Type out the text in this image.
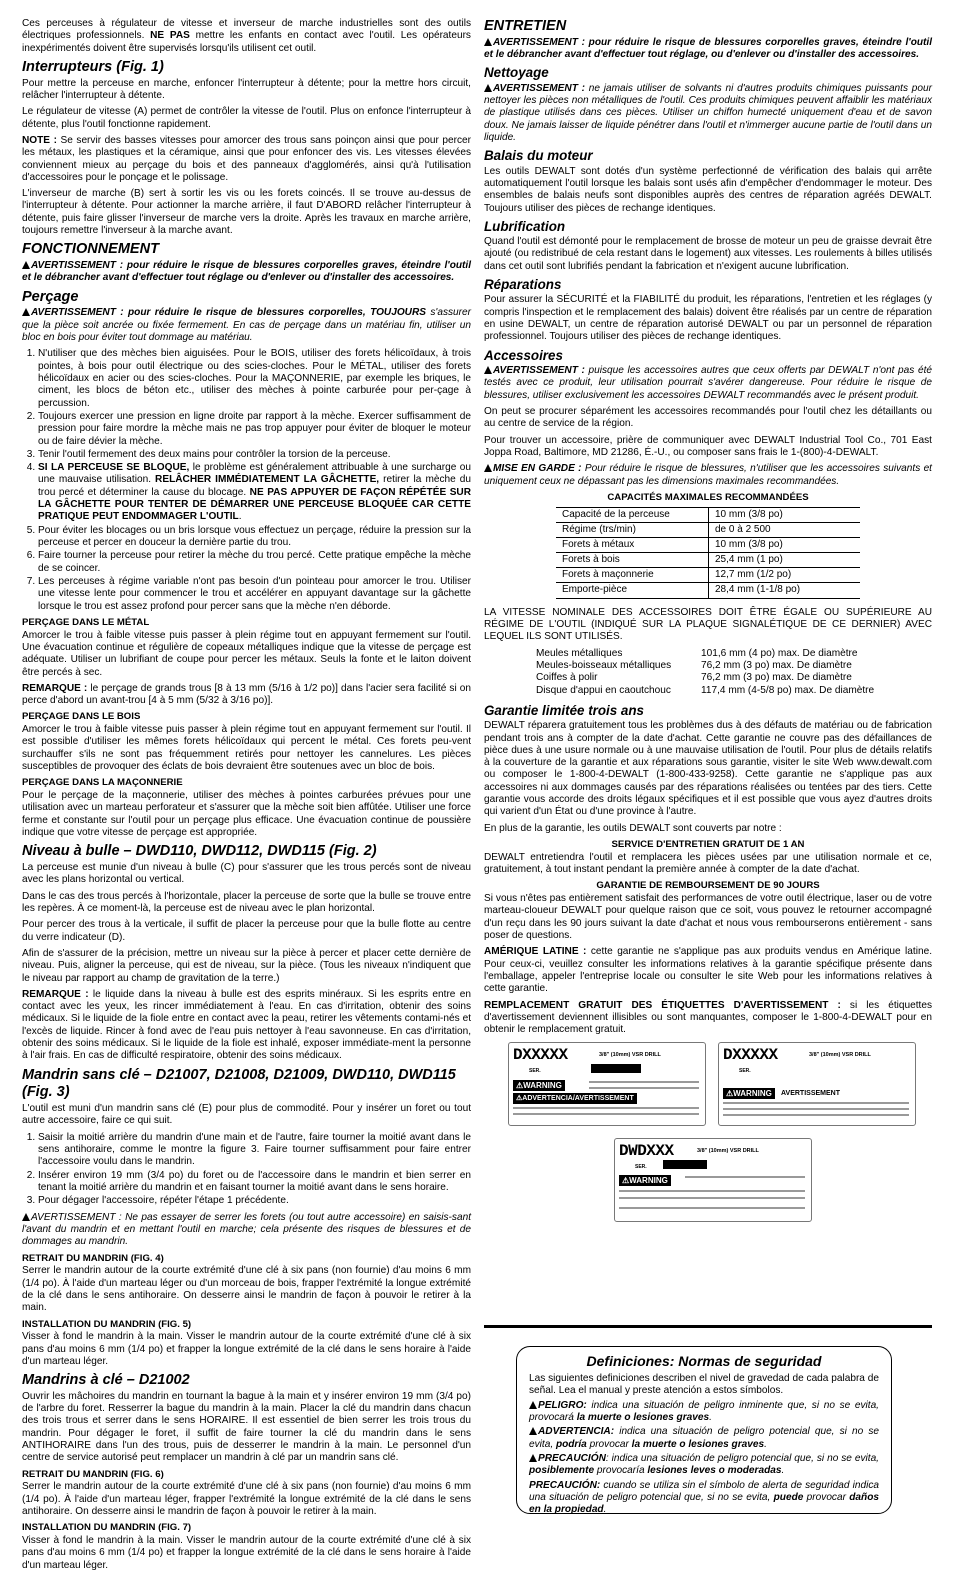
Ces perceuses à régulateur de vitesse et inverseur de marche industrielles sont des outils électriques professionnels. NE PAS mettre les enfants en contact avec l'outil. Les opérateurs inexpérimentés doivent être supervisés lorsqu'ils utilisent cet outil.

Interrupteurs (Fig. 1)

Pour mettre la perceuse en marche, enfoncer l'interrupteur à détente; pour la mettre hors circuit, relâcher l'interrupteur à détente.

Le régulateur de vitesse (A) permet de contrôler la vitesse de l'outil. Plus on enfonce l'interrupteur à détente, plus l'outil fonctionne rapidement.

NOTE : Se servir des basses vitesses pour amorcer des trous sans poinçon ainsi que pour percer les métaux, les plastiques et la céramique, ainsi que pour enfoncer des vis. Les vitesses élevées conviennent mieux au perçage du bois et des panneaux d'agglomérés, ainsi qu'à l'utilisation d'accessoires pour le ponçage et le polissage.

L'inverseur de marche (B) sert à sortir les vis ou les forets coincés. Il se trouve au-dessus de l'interrupteur à détente. Pour actionner la marche arrière, il faut D'ABORD relâcher l'interrupteur à détente, puis faire glisser l'inverseur de marche vers la droite. Après les travaux en marche arrière, toujours remettre l'inverseur à la marche avant.

FONCTIONNEMENT

AVERTISSEMENT : pour réduire le risque de blessures corporelles graves, éteindre l'outil et le débrancher avant d'effectuer tout réglage ou d'enlever ou d'installer des accessoires.

Perçage

AVERTISSEMENT : pour réduire le risque de blessures corporelles, TOUJOURS s'assurer que la pièce soit ancrée ou fixée fermement. En cas de perçage dans un matériau fin, utiliser un bloc en bois pour éviter tout dommage au matériau.

1. N'utiliser que des mèches bien aiguisées. Pour le BOIS, utiliser des forets hélicoïdaux, à trois pointes, à bois pour outil électrique ou des scies-cloches. Pour le MÉTAL, utiliser des forets hélicoïdaux en acier ou des scies-cloches. Pour la MAÇONNERIE, par exemple les briques, le ciment, les blocs de béton etc., utiliser des mèches à pointe carburée pour per-çage à percussion.
2. Toujours exercer une pression en ligne droite par rapport à la mèche. Exercer suffisamment de pression pour faire mordre la mèche mais ne pas trop appuyer pour éviter de bloquer le moteur ou de faire dévier la mèche.
3. Tenir l'outil fermement des deux mains pour contrôler la torsion de la perceuse.
4. SI LA PERCEUSE SE BLOQUE, le problème est généralement attribuable à une surcharge ou une mauvaise utilisation. RELÂCHER IMMÉDIATEMENT LA GÂCHETTE, retirer la mèche du trou percé et déterminer la cause du blocage. NE PAS APPUYER DE FAÇON RÉPÉTÉE SUR LA GÂCHETTE POUR TENTER DE DÉMARRER UNE PERCEUSE BLOQUÉE CAR CETTE PRATIQUE PEUT ENDOMMAGER L'OUTIL.
5. Pour éviter les blocages ou un bris lorsque vous effectuez un perçage, réduire la pression sur la perceuse et percer en douceur la dernière partie du trou.
6. Faire tourner la perceuse pour retirer la mèche du trou percé. Cette pratique empêche la mèche de se coincer.
7. Les perceuses à régime variable n'ont pas besoin d'un pointeau pour amorcer le trou. Utiliser une vitesse lente pour commencer le trou et accélérer en appuyant davantage sur la gâchette lorsque le trou est assez profond pour percer sans que la mèche n'en déborde.
PERÇAGE DANS LE MÉTAL

Amorcer le trou à faible vitesse puis passer à plein régime tout en appuyant fermement sur l'outil. Une évacuation continue et régulière de copeaux métalliques indique que la vitesse de perçage est adéquate. Utiliser un lubrifiant de coupe pour percer les métaux. Seuls la fonte et le laiton doivent être percés à sec.

REMARQUE : le perçage de grands trous [8 à 13 mm (5/16 à 1/2 po)] dans l'acier sera facilité si on perce d'abord un avant-trou [4 à 5 mm (5/32 à 3/16 po)].

PERÇAGE DANS LE BOIS

Amorcer le trou à faible vitesse puis passer à plein régime tout en appuyant fermement sur l'outil. Il est possible d'utiliser les mêmes forets hélicoïdaux qui percent le métal. Ces forets peu-vent surchauffer s'ils ne sont pas fréquemment retirés pour nettoyer les cannelures. Les pièces susceptibles de provoquer des éclats de bois devraient être soutenues avec un bloc de bois.

PERÇAGE DANS LA MAÇONNERIE

Pour le perçage de la maçonnerie, utiliser des mèches à pointes carburées prévues pour une utilisation avec un marteau perforateur et s'assurer que la mèche soit bien affûtée. Utiliser une force ferme et constante sur l'outil pour un perçage plus efficace. Une évacuation continue de poussière indique que votre vitesse de perçage est appropriée.

Niveau à bulle – DWD110, DWD112, DWD115 (Fig. 2)

La perceuse est munie d'un niveau à bulle (C) pour s'assurer que les trous percés sont de niveau avec les plans horizontal ou vertical.

Dans le cas des trous percés à l'horizontale, placer la perceuse de sorte que la bulle se trouve entre les repères. À ce moment-là, la perceuse est de niveau avec le plan horizontal.

Pour percer des trous à la verticale, il suffit de placer la perceuse pour que la bulle flotte au centre du verre indicateur (D).

Afin de s'assurer de la précision, mettre un niveau sur la pièce à percer et placer cette dernière de niveau. Puis, aligner la perceuse, qui est de niveau, sur la pièce. (Tous les niveaux n'indiquent que le niveau par rapport au champ de gravitation de la terre.)

REMARQUE : le liquide dans la niveau à bulle est des esprits minéraux. Si les esprits entre en contact avec les yeux, les rincer immédiatement à l'eau. En cas d'irritation, obtenir des soins médicaux. Si le liquide de la fiole entre en contact avec la peau, retirer les vêtements contami-nés et l'excès de liquide. Rincer à fond avec de l'eau puis nettoyer à l'eau savonneuse. En cas d'irritation, obtenir des soins médicaux. Si le liquide de la fiole est inhalé, exposer immédiate-ment la personne à l'air frais. En cas de difficulté respiratoire, obtenir des soins médicaux.

Mandrin sans clé – D21007, D21008, D21009, DWD110, DWD115 (Fig. 3)

L'outil est muni d'un mandrin sans clé (E) pour plus de commodité. Pour y insérer un foret ou tout autre accessoire, faire ce qui suit.

1. Saisir la moitié arrière du mandrin d'une main et de l'autre, faire tourner la moitié avant dans le sens antihoraire, comme le montre la figure 3. Faire tourner suffisamment pour faire entrer l'accessoire voulu dans le mandrin.
2. Insérer environ 19 mm (3/4 po) du foret ou de l'accessoire dans le mandrin et bien serrer en tenant la moitié arrière du mandrin et en faisant tourner la moitié avant dans le sens horaire.
3. Pour dégager l'accessoire, répéter l'étape 1 précédente.

AVERTISSEMENT : Ne pas essayer de serrer les forets (ou tout autre accessoire) en saisis-sant l'avant du mandrin et en mettant l'outil en marche; cela présente des risques de blessures et de dommages au mandrin.

RETRAIT DU MANDRIN (FIG. 4)

Serrer le mandrin autour de la courte extrémité d'une clé à six pans (non fournie) d'au moins 6 mm (1/4 po). À l'aide d'un marteau léger ou d'un morceau de bois, frapper l'extrémité la longue extrémité de la clé dans le sens antihoraire. On desserre ainsi le mandrin de façon à pouvoir le retirer à la main.

INSTALLATION DU MANDRIN (FIG. 5)

Visser à fond le mandrin à la main. Visser le mandrin autour de la courte extrémité d'une clé à six pans d'au moins 6 mm (1/4 po) et frapper la longue extrémité de la clé dans le sens horaire à l'aide d'un marteau léger.

Mandrins à clé – D21002

Ouvrir les mâchoires du mandrin en tournant la bague à la main et y insérer environ 19 mm (3/4 po) de l'arbre du foret. Resserrer la bague du mandrin à la main. Placer la clé du mandrin dans chacun des trois trous et serrer dans le sens HORAIRE. Il est essentiel de bien serrer les trois trous du mandrin. Pour dégager le foret, il suffit de faire tourner la clé du mandrin dans le sens ANTIHORAIRE dans l'un des trous, puis de desserrer le mandrin à la main. Le personnel d'un centre de service autorisé peut remplacer un mandrin à clé par un mandrin sans clé.

RETRAIT DU MANDRIN (FIG. 6)

Serrer le mandrin autour de la courte extrémité d'une clé à six pans (non fournie) d'au moins 6 mm (1/4 po). À l'aide d'un marteau léger, frapper l'extrémité la longue extrémité de la clé dans le sens antihoraire. On desserre ainsi le mandrin de façon à pouvoir le retirer à la main.

INSTALLATION DU MANDRIN (FIG. 7)

Visser à fond le mandrin à la main. Visser le mandrin autour de la courte extrémité d'une clé à six pans d'au moins 6 mm (1/4 po) et frapper la longue extrémité de la clé dans le sens horaire à l'aide d'un marteau léger.

ENTRETIEN

AVERTISSEMENT : pour réduire le risque de blessures corporelles graves, éteindre l'outil et le débrancher avant d'effectuer tout réglage, ou d'enlever ou d'installer des accessoires.

Nettoyage

AVERTISSEMENT : ne jamais utiliser de solvants ni d'autres produits chimiques puissants pour nettoyer les pièces non métalliques de l'outil. Ces produits chimiques peuvent affaiblir les matériaux de plastique utilisés dans ces pièces. Utiliser un chiffon humecté uniquement d'eau et de savon doux. Ne jamais laisser de liquide pénétrer dans l'outil et n'immerger aucune partie de l'outil dans un liquide.

Balais du moteur

Les outils DEWALT sont dotés d'un système perfectionné de vérification des balais qui arrête automatiquement l'outil lorsque les balais sont usés afin d'empêcher d'endommager le moteur. Des ensembles de balais neufs sont disponibles auprès des centres de réparation agréés DEWALT. Toujours utiliser des pièces de rechange identiques.

Lubrification

Quand l'outil est démonté pour le remplacement de brosse de moteur un peu de graisse devrait être ajouté (ou redistribué de cela restant dans le logement) aux vitesses. Les roulements à billes utilisés dans cet outil sont lubrifiés pendant la fabrication et n'exigent aucune lubrification.

Réparations

Pour assurer la SÉCURITÉ et la FIABILITÉ du produit, les réparations, l'entretien et les réglages (y compris l'inspection et le remplacement des balais) doivent être réalisés par un centre de réparation en usine DEWALT, un centre de réparation autorisé DEWALT ou par un personnel de réparation professionnel. Toujours utiliser des pièces de rechange identiques.

Accessoires

AVERTISSEMENT : puisque les accessoires autres que ceux offerts par DEWALT n'ont pas été testés avec ce produit, leur utilisation pourrait s'avérer dangereuse. Pour réduire le risque de blessures, utiliser exclusivement les accessoires DEWALT recommandés avec le présent produit.

On peut se procurer séparément les accessoires recommandés pour l'outil chez les détaillants ou au centre de service de la région.

Pour trouver un accessoire, prière de communiquer avec DEWALT Industrial Tool Co., 701 East Joppa Road, Baltimore, MD 21286, É.-U., ou composer sans frais le 1-(800)-4-DEWALT.

MISE EN GARDE : Pour réduire le risque de blessures, n'utiliser que les accessoires suivants et uniquement ceux ne dépassant pas les dimensions maximales recommandées.

CAPACITÉS MAXIMALES RECOMMANDÉES
Capacité de la perceuse	10 mm (3/8 po)
Régime (trs/min)	de 0 à 2 500
Forets à métaux	10 mm (3/8 po)
Forets à bois	25,4 mm (1 po)
Forets à maçonnerie	12,7 mm (1/2 po)
Emporte-pièce	28,4 mm (1-1/8 po)

LA VITESSE NOMINALE DES ACCESSOIRES DOIT ÊTRE ÉGALE OU SUPÉRIEURE AU RÉGIME DE L'OUTIL (INDIQUÉ SUR LA PLAQUE SIGNALÉTIQUE DE CE DERNIER) AVEC LEQUEL ILS SONT UTILISÉS.

Meules métalliques	101,6 mm (4 po) max. De diamètre
Meules-boisseaux métalliques	76,2 mm (3 po) max. De diamètre
Coiffes à polir	76,2 mm (3 po) max. De diamètre
Disque d'appui en caoutchouc	117,4 mm (4-5/8 po) max. De diamètre
Garantie limitée trois ans

DEWALT réparera gratuitement tous les problèmes dus à des défauts de matériau ou de fabrication pendant trois ans à compter de la date d'achat. Cette garantie ne couvre pas des défaillances de pièce dues à une usure normale ou à une mauvaise utilisation de l'outil. Pour plus de détails relatifs à la couverture de la garantie et aux réparations sous garantie, visiter le site Web www.dewalt.com ou composer le 1-800-4-DEWALT (1-800-433-9258). Cette garantie ne s'applique pas aux accessoires ni aux dommages causés par des réparations réalisées ou tentées par des tiers. Cette garantie vous accorde des droits légaux spécifiques et il est possible que vous ayez d'autres droits qui varient d'un État ou d'une province à l'autre.

En plus de la garantie, les outils DEWALT sont couverts par notre :

SERVICE D'ENTRETIEN GRATUIT DE 1 AN

DEWALT entretiendra l'outil et remplacera les pièces usées par une utilisation normale et ce, gratuitement, à tout instant pendant la première année à compter de la date d'achat.

GARANTIE DE REMBOURSEMENT DE 90 JOURS

Si vous n'êtes pas entièrement satisfait des performances de votre outil électrique, laser ou de votre marteau-cloueur DEWALT pour quelque raison que ce soit, vous pouvez le retourner accompagné d'un reçu dans les 90 jours suivant la date d'achat et nous vous rembourserons entièrement - sans poser de questions.

AMÉRIQUE LATINE : cette garantie ne s'applique pas aux produits vendus en Amérique latine. Pour ceux-ci, veuillez consulter les informations relatives à la garantie spécifique présente dans l'emballage, appeler l'entreprise locale ou consulter le site Web pour les informations relatives à cette garantie.

REMPLACEMENT GRATUIT DES ÉTIQUETTES D'AVERTISSEMENT : si les étiquettes d'avertissement deviennent illisibles ou sont manquantes, composer le 1-800-4-DEWALT pour en obtenir le remplacement gratuit.

DXXXXX	3/8" (10mm) VSR DRILL
SER.
⚠WARNING
⚠ADVERTENCIA/AVERTISSEMENT
DXXXXX	3/8" (10mm) VSR DRILL
SER.
⚠WARNING	AVERTISSEMENT
DWDXXX	3/8" (10mm) VSR DRILL
SER.
⚠WARNING
Definiciones: Normas de seguridad

Las siguientes definiciones describen el nivel de gravedad de cada palabra de señal. Lea el manual y preste atención a estos símbolos.

PELIGRO: indica una situación de peligro inminente que, si no se evita, provocará la muerte o lesiones graves.

ADVERTENCIA: indica una situación de peligro potencial que, si no se evita, podría provocar la muerte o lesiones graves.

PRECAUCIÓN: indica una situación de peligro potencial que, si no se evita, posiblemente provocaría lesiones leves o moderadas.

PRECAUCIÓN: cuando se utiliza sin el símbolo de alerta de seguridad indica una situación de peligro potencial que, si no se evita, puede provocar daños en la propiedad.
